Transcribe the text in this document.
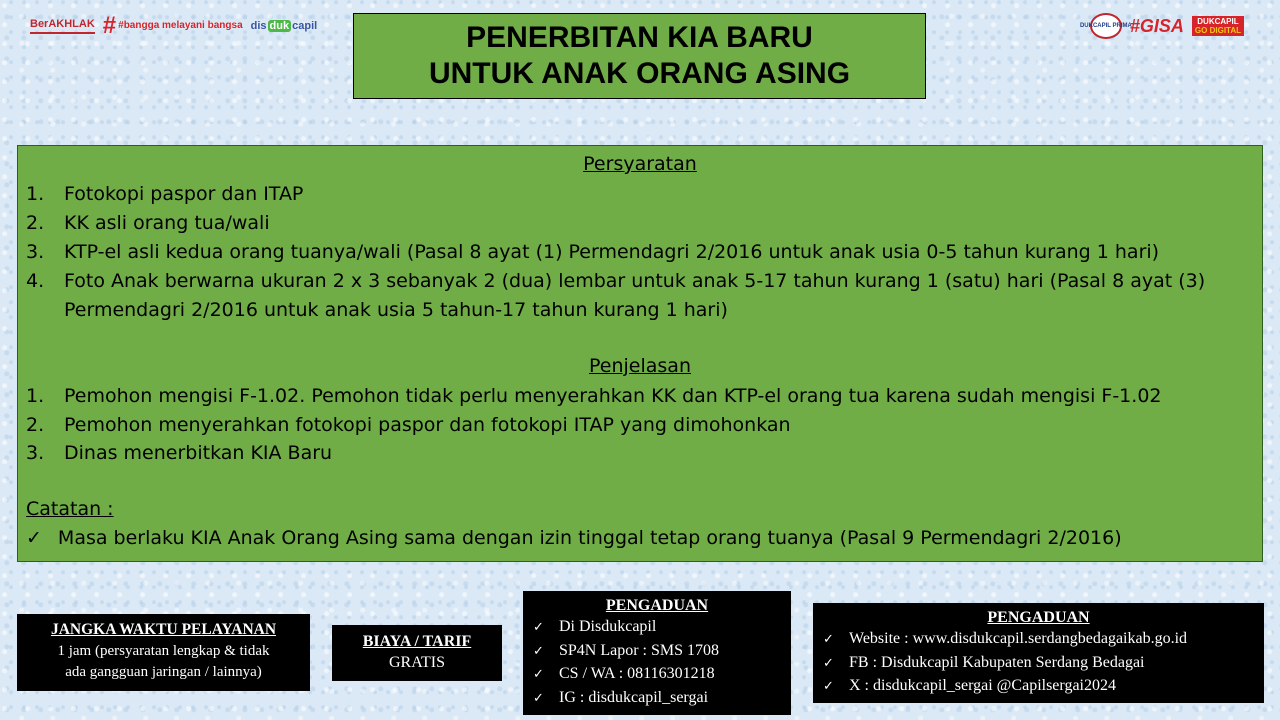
BerAKHLAK # #bangga melayani bangsa dis duk capil	DUKCAPIL PRIMA
#GISA	DUKCAPIL
GO DIGITAL
PENERBITAN KIA BARU
UNTUK ANAK ORANG ASING
Persyaratan
1. Fotokopi paspor dan ITAP
2. KK asli orang tua/wali
3. KTP-el asli kedua orang tuanya/wali (Pasal 8 ayat (1) Permendagri 2/2016 untuk anak usia 0-5 tahun kurang 1 hari)
4. Foto Anak berwarna ukuran 2 x 3 sebanyak 2 (dua) lembar untuk anak 5-17 tahun kurang 1 (satu) hari (Pasal 8 ayat (3) Permendagri 2/2016 untuk anak usia 5 tahun-17 tahun kurang 1 hari)
Penjelasan
1. Pemohon mengisi F-1.02. Pemohon tidak perlu menyerahkan KK dan KTP-el orang tua karena sudah mengisi F-1.02
2. Pemohon menyerahkan fotokopi paspor dan fotokopi ITAP yang dimohonkan
3. Dinas menerbitkan KIA Baru
Catatan :
✓ Masa berlaku KIA Anak Orang Asing sama dengan izin tinggal tetap orang tuanya (Pasal 9 Permendagri 2/2016)
JANGKA WAKTU PELAYANAN
1 jam (persyaratan lengkap & tidak
ada gangguan jaringan / lainnya)
BIAYA / TARIF
GRATIS
PENGADUAN
✓ Di Disdukcapil
✓ SP4N Lapor : SMS 1708
✓ CS / WA : 08116301218
✓ IG : disdukcapil_sergai
PENGADUAN
✓ Website : www.disdukcapil.serdangbedagaikab.go.id
✓ FB : Disdukcapil Kabupaten Serdang Bedagai
✓ X : disdukcapil_sergai @Capilsergai2024
